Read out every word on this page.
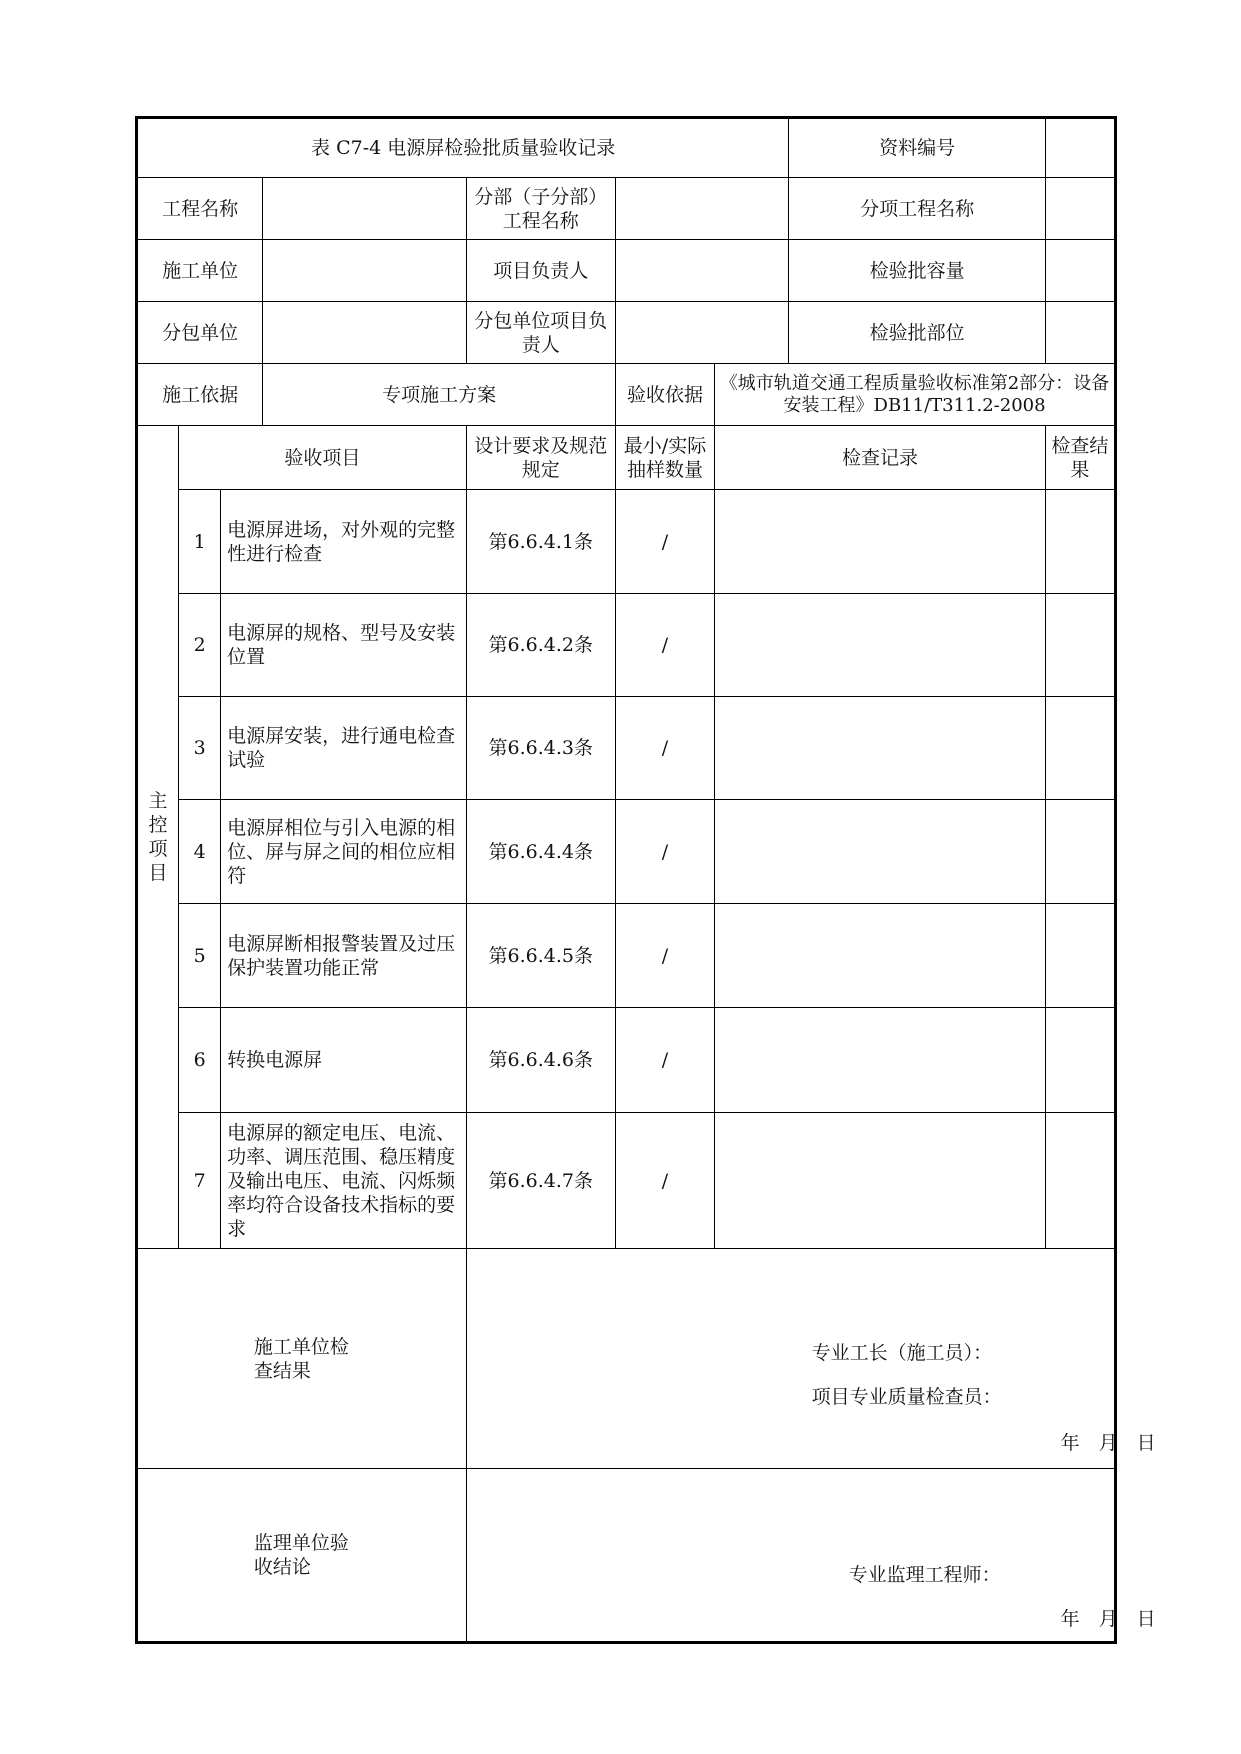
表 C7-4 电源屏检验批质量验收记录							资料编号	
工程名称				分部（子分部）工程名称			分项工程名称	
施工单位				项目负责人			检验批容量	
分包单位				分包单位项目负责人			检验批部位	
施工依据			专项施工方案		验收依据	《城市轨道交通工程质量验收标准第2部分：设备安装工程》DB11/T311.2-2008		
主控项目	验收项目			设计要求及规范规定	最小/实际抽样数量	检查记录		检查结果
	1	电源屏进场，对外观的完整性进行检查		第6.6.4.1条	/			
	2	电源屏的规格、型号及安装位置		第6.6.4.2条	/			
	3	电源屏安装，进行通电检查试验		第6.6.4.3条	/			
	4	电源屏相位与引入电源的相位、屏与屏之间的相位应相符		第6.6.4.4条	/			
	5	电源屏断相报警装置及过压保护装置功能正常		第6.6.4.5条	/			
	6	转换电源屏		第6.6.4.6条	/			
	7	电源屏的额定电压、电流、功率、调压范围、稳压精度及输出电压、电流、闪烁频率均符合设备技术指标的要求		第6.6.4.7条	/			
施工单位检查结果				专业工长（施工员）：
项目专业质量检查员：
年　月　日				

监理单位验收结论				专业监理工程师：
年　月　日				
